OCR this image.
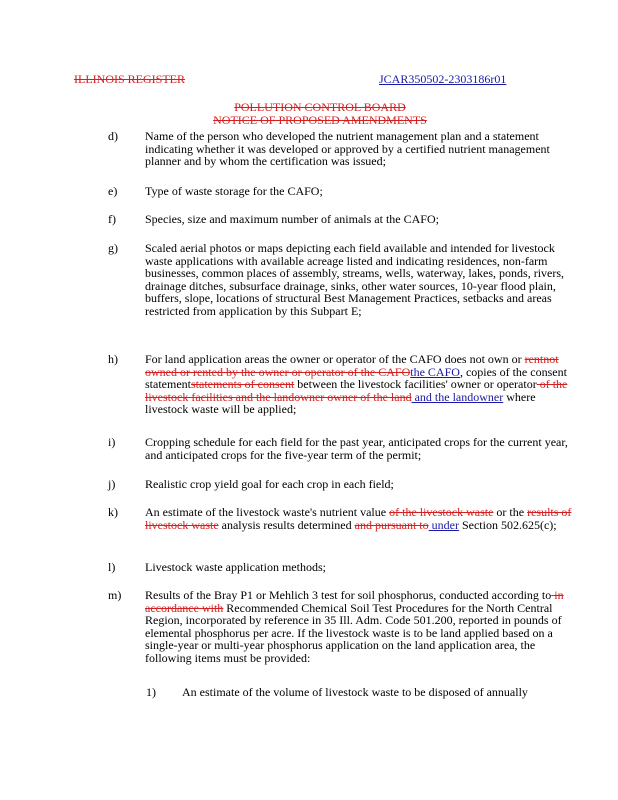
ILLINOIS REGISTER	JCAR350502-2303186r01
POLLUTION CONTROL BOARD
NOTICE OF PROPOSED AMENDMENTS
d)	Name of the person who developed the nutrient management plan and a statement indicating whether it was developed or approved by a certified nutrient management planner and by whom the certification was issued;
e)	Type of waste storage for the CAFO;
f)	Species, size and maximum number of animals at the CAFO;
g)	Scaled aerial photos or maps depicting each field available and intended for livestock waste applications with available acreage listed and indicating residences, non-farm businesses, common places of assembly, streams, wells, waterway, lakes, ponds, rivers, drainage ditches, subsurface drainage, sinks, other water sources, 10-year flood plain, buffers, slope, locations of structural Best Management Practices, setbacks and areas restricted from application by this Subpart E;
h)	For land application areas the owner or operator of the CAFO does not own or rentnot owned or rented by the owner or operator of the CAFOthe CAFO, copies of the consent statementstatements of consent between the livestock facilities' owner or operator of the livestock facilities and the landowner owner of the land and the landowner where livestock waste will be applied;
i)	Cropping schedule for each field for the past year, anticipated crops for the current year, and anticipated crops for the five-year term of the permit;
j)	Realistic crop yield goal for each crop in each field;
k)	An estimate of the livestock waste's nutrient value of the livestock waste or the results of livestock waste analysis results determined and pursuant to under Section 502.625(c);
l)	Livestock waste application methods;
m)	Results of the Bray P1 or Mehlich 3 test for soil phosphorus, conducted according to in accordance with Recommended Chemical Soil Test Procedures for the North Central Region, incorporated by reference in 35 Ill. Adm. Code 501.200, reported in pounds of elemental phosphorus per acre. If the livestock waste is to be land applied based on a single-year or multi-year phosphorus application on the land application area, the following items must be provided:
1) An estimate of the volume of livestock waste to be disposed of annually
